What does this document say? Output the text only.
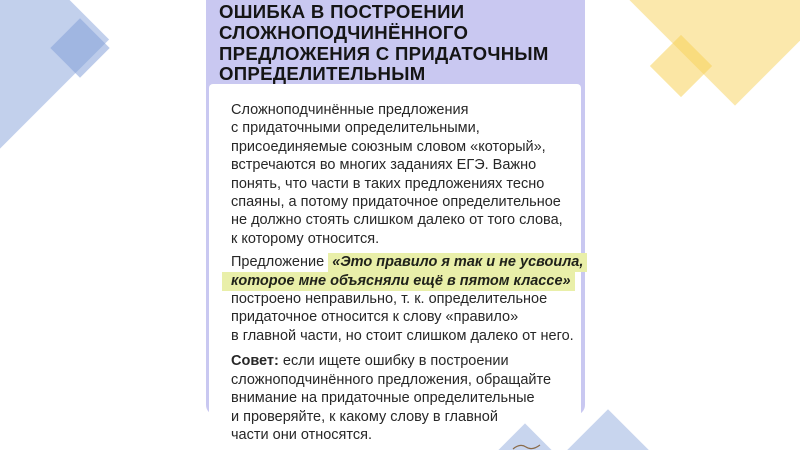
ОШИБКА В ПОСТРОЕНИИ
СЛОЖНОПОДЧИНЁННОГО
ПРЕДЛОЖЕНИЯ С ПРИДАТОЧНЫМ
ОПРЕДЕЛИТЕЛЬНЫМ
Сложноподчинённые предложения
с придаточными определительными,
присоединяемые союзным словом «который»,
встречаются во многих заданиях ЕГЭ. Важно
понять, что части в таких предложениях тесно
спаяны, а потому придаточное определительное
не должно стоять слишком далеко от того слова,
к которому относится.
Предложение «Это правило я так и не усвоила,
которое мне объясняли ещё в пятом классе»
построено неправильно, т. к. определительное
придаточное относится к слову «правило»
в главной части, но стоит слишком далеко от него.
Совет: если ищете ошибку в построении
сложноподчинённого предложения, обращайте
внимание на придаточные определительные
и проверяйте, к какому слову в главной
части они относятся.
